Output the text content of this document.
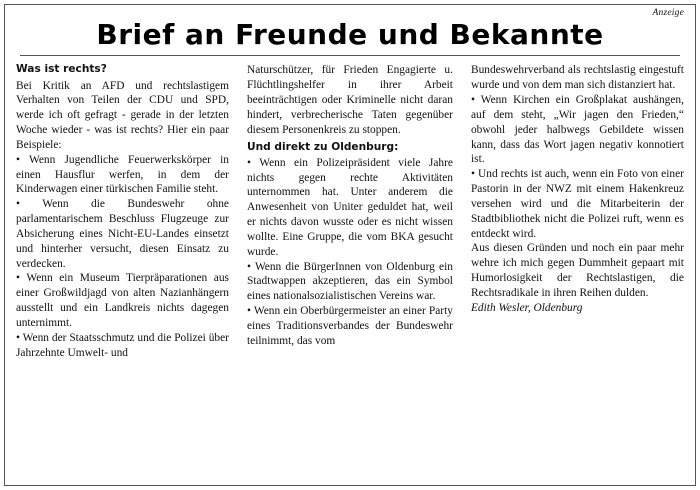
Anzeige
Brief an Freunde und Bekannte
Was ist rechts?

Bei Kritik an AFD und rechtslastigem Verhalten von Teilen der CDU und SPD, werde ich oft gefragt - gerade in der letzten Woche wieder - was ist rechts? Hier ein paar Beispiele:

• Wenn Jugendliche Feuerwerkskörper in einen Hausflur werfen, in dem der Kinderwagen einer türkischen Familie steht.

• Wenn die Bundeswehr ohne parlamentarischem Beschluss Flugzeuge zur Absicherung eines Nicht-EU-Landes einsetzt und hinterher versucht, diesen Einsatz zu verdecken.

• Wenn ein Museum Tierpräparationen aus einer Großwildjagd von alten Nazianhängern ausstellt und ein Landkreis nichts dagegen unternimmt.

• Wenn der Staatsschmutz und die Polizei über Jahrzehnte Umwelt- und

Naturschützer, für Frieden Engagierte u. Flüchtlingshelfer in ihrer Arbeit beeinträchtigen oder Kriminelle nicht daran hindert, verbrecherische Taten gegenüber diesem Personenkreis zu stoppen.

Und direkt zu Oldenburg:

• Wenn ein Polizeipräsident viele Jahre nichts gegen rechte Aktivitäten unternommen hat. Unter anderem die Anwesenheit von Uniter geduldet hat, weil er nichts davon wusste oder es nicht wissen wollte. Eine Gruppe, die vom BKA gesucht wurde.

• Wenn die BürgerInnen von Oldenburg ein Stadtwappen akzeptieren, das ein Symbol eines nationalsozialistischen Vereins war.

• Wenn ein Oberbürgermeister an einer Party eines Traditionsverbandes der Bundeswehr teilnimmt, das vom

Bundeswehrverband als rechtslastig eingestuft wurde und von dem man sich distanziert hat.

• Wenn Kirchen ein Großplakat aushängen, auf dem steht, „Wir jagen den Frieden,“ obwohl jeder halbwegs Gebildete wissen kann, dass das Wort jagen negativ konnotiert ist.

• Und rechts ist auch, wenn ein Foto von einer Pastorin in der NWZ mit einem Hakenkreuz versehen wird und die Mitarbeiterin der Stadtbibliothek nicht die Polizei ruft, wenn es entdeckt wird.

Aus diesen Gründen und noch ein paar mehr wehre ich mich gegen Dummheit gepaart mit Humorlosigkeit der Rechtslastigen, die Rechtsradikale in ihren Reihen dulden.

Edith Wesler, Oldenburg
